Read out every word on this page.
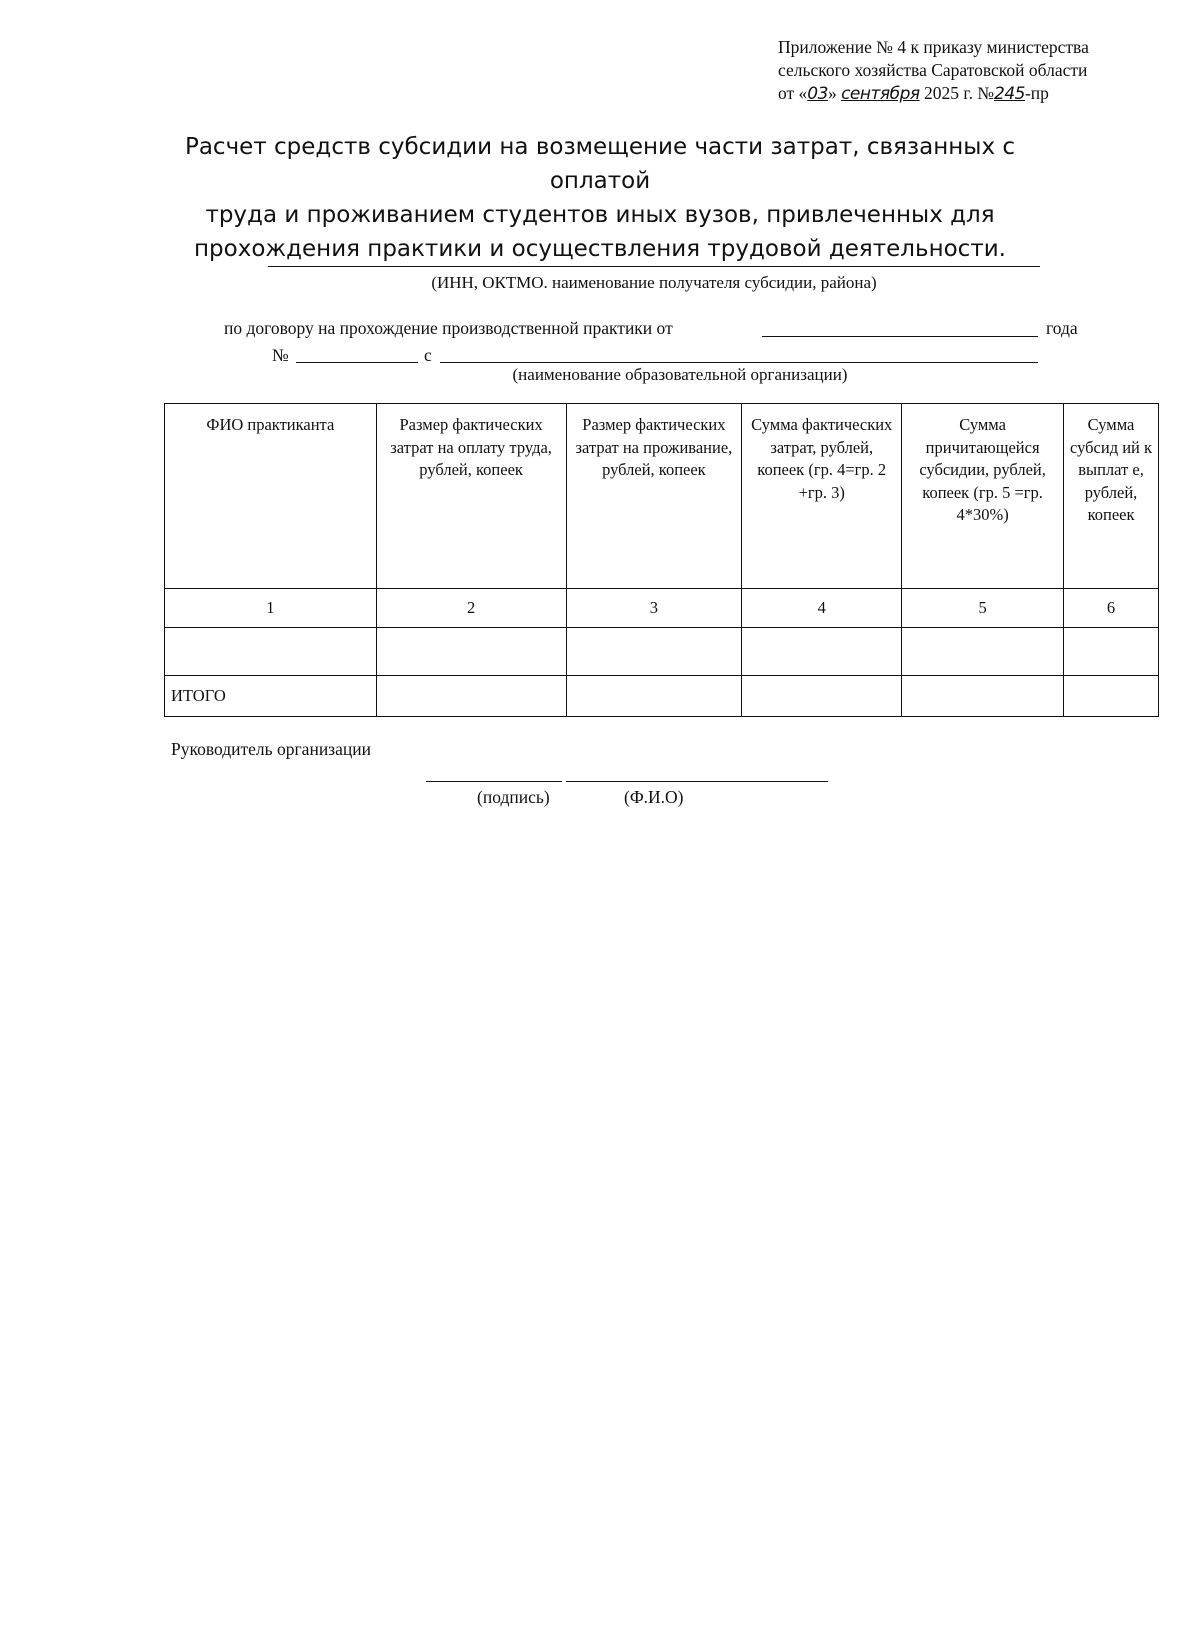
Приложение № 4 к приказу министерства
сельского хозяйства Саратовской области
от «03» сентября 2025 г. №245-пр
Расчет средств субсидии на возмещение части затрат, связанных с оплатой
труда и проживанием студентов иных вузов, привлеченных для
прохождения практики и осуществления трудовой деятельности.
(ИНН, ОКТМО. наименование получателя субсидии, района)
по договору на прохождение производственной практики от	года
№	с
(наименование образовательной организации)
ФИО практиканта	Размер фактических затрат на оплату труда, рублей, копеек	Размер фактических затрат на проживание, рублей, копеек	Сумма фактических затрат, рублей, копеек (гр. 4=гр. 2 +гр. 3)	Сумма причитающейся субсидии, рублей, копеек (гр. 5 =гр. 4*30%)	Сумма субсид ий к выплат е, рублей, копеек
1	2	3	4	5	6

ИТОГО					
Руководитель организации
(подпись)	(Ф.И.О)
